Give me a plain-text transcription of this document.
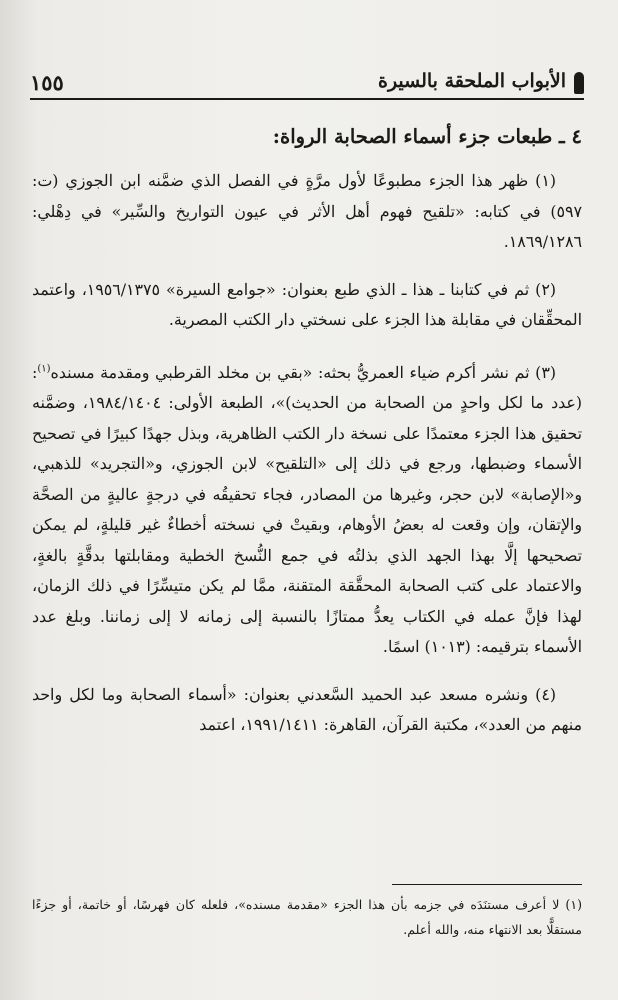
الأبواب الملحقة بالسيرة
١٥٥
٤ ـ طبعات جزء أسماء الصحابة الرواة:

(١) ظهر هذا الجزء مطبوعًا لأول مرَّةٍ في الفصل الذي ضمَّنه ابن الجوزي (ت: ٥٩٧) في كتابه: «تلقيح فهوم أهل الأثر في عيون التواريخ والسِّير» في دِهْلي: ١٨٦٩/١٢٨٦.

(٢) ثم في كتابنا ـ هذا ـ الذي طبع بعنوان: «جوامع السيرة» ١٩٥٦/١٣٧٥، واعتمد المحقِّقان في مقابلة هذا الجزء على نسختي دار الكتب المصرية.

(٣) ثم نشر أكرم ضياء العمريُّ بحثه: «بقي بن مخلد القرطبي ومقدمة مسنده$^{(١)}$: (عدد ما لكل واحدٍ من الصحابة من الحديث)»، الطبعة الأولى: ١٩٨٤/١٤٠٤، وضمَّنه تحقيق هذا الجزء معتمدًا على نسخة دار الكتب الظاهرية، وبذل جهدًا كبيرًا في تصحيح الأسماء وضبطها، ورجع في ذلك إلى «التلقيح» لابن الجوزي، و«التجريد» للذهبي، و«الإصابة» لابن حجر، وغيرها من المصادر، فجاء تحقيقُه في درجةٍ عاليةٍ من الصحَّة والإتقان، وإن وقعت له بعضُ الأوهام، وبقيتْ في نسخته أخطاءٌ غير قليلةٍ، لم يمكن تصحيحها إلَّا بهذا الجهد الذي بذلتُه في جمع النُّسخ الخطية ومقابلتها بدقَّةٍ بالغةٍ، والاعتماد على كتب الصحابة المحقَّقة المتقنة، ممَّا لم يكن متيسِّرًا في ذلك الزمان، لهذا فإنَّ عمله في الكتاب يعدُّ ممتازًا بالنسبة إلى زمانه لا إلى زماننا. وبلغ عدد الأسماء بترقيمه: (١٠١٣) اسمًا.

(٤) ونشره مسعد عبد الحميد السَّعدني بعنوان: «أسماء الصحابة وما لكل واحد منهم من العدد»، مكتبة القرآن، القاهرة: ١٩٩١/١٤١١، اعتمد

(١) لا أعرف مستنَدَه في جزمه بأن هذا الجزء «مقدمة مسنده»، فلعله كان فهرسًا، أو خاتمة، أو جزءًا مستقلًّا بعد الانتهاء منه، والله أعلم.
